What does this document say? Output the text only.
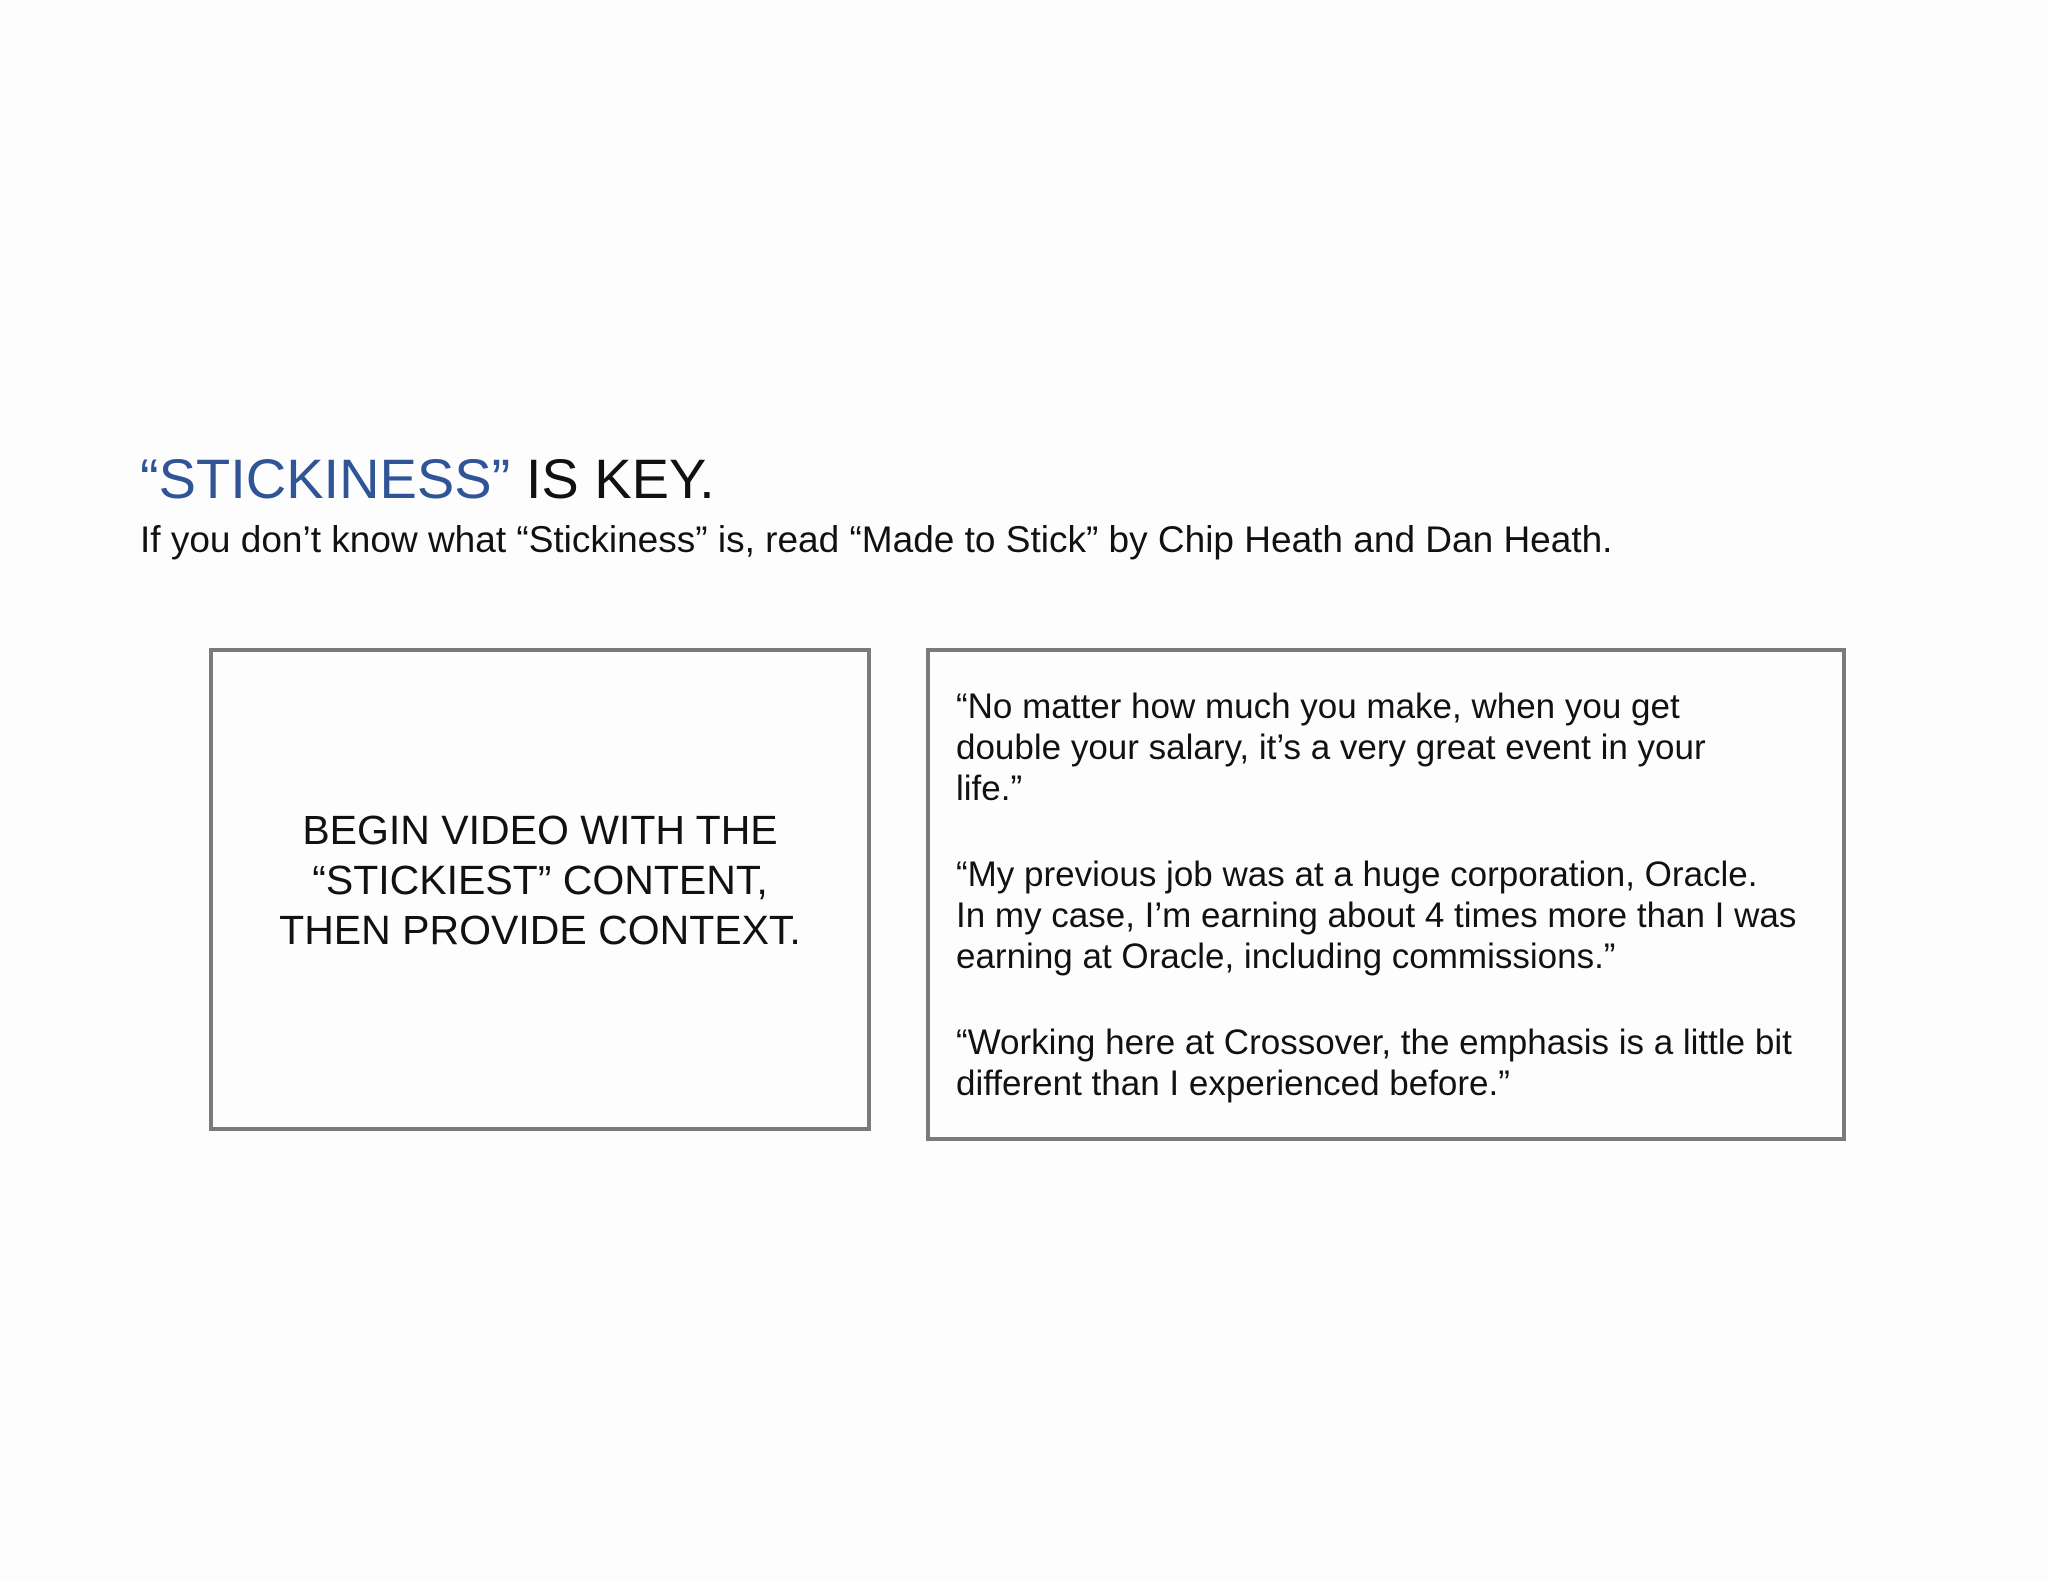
“STICKINESS” IS KEY.

If you don’t know what “Stickiness” is, read “Made to Stick” by Chip Heath and Dan Heath.

BEGIN VIDEO WITH THE
“STICKIEST” CONTENT,
THEN PROVIDE CONTEXT.
“No matter how much you make, when you get
double your salary, it’s a very great event in your
life.”
“My previous job was at a huge corporation, Oracle.
In my case, I’m earning about 4 times more than I was
earning at Oracle, including commissions.”
“Working here at Crossover, the emphasis is a little bit
different than I experienced before.”
